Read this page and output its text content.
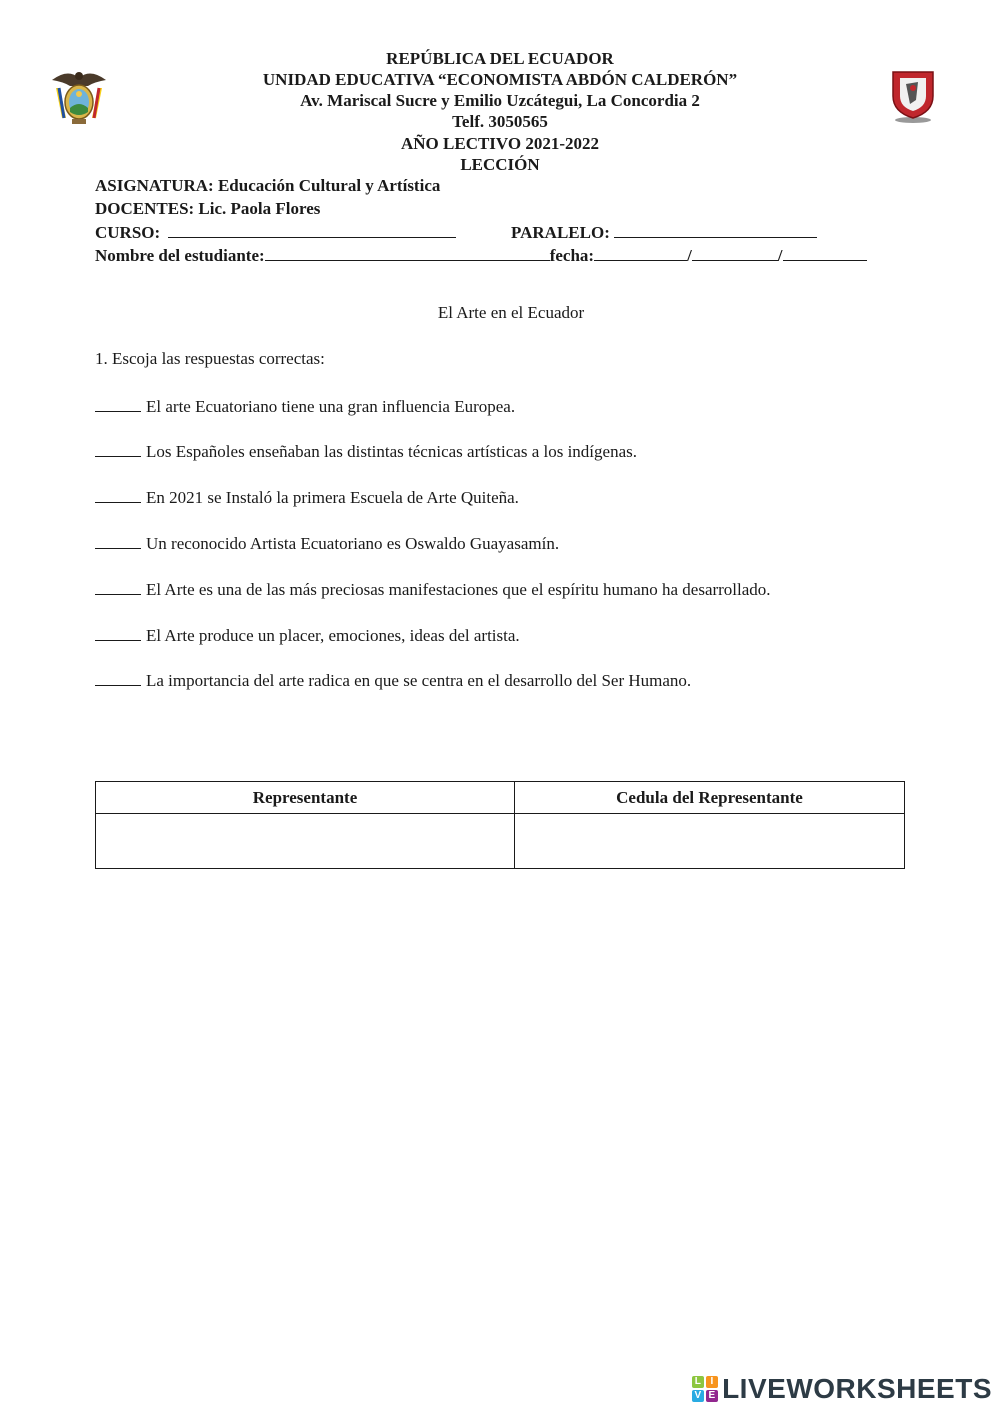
REPÚBLICA DEL ECUADOR

UNIDAD EDUCATIVA “ECONOMISTA ABDÓN CALDERÓN”

Av. Mariscal Sucre y Emilio Uzcátegui, La Concordia 2

Telf. 3050565

AÑO LECTIVO 2021-2022

LECCIÓN

ASIGNATURA: Educación Cultural y Artística
DOCENTES: Lic. Paola Flores
CURSO:	PARALELO:
Nombre del estudiante:	fecha:	/	/
El Arte en el Ecuador
1. Escoja las respuestas correctas:
El arte Ecuatoriano tiene una gran influencia Europea.
Los Españoles enseñaban las distintas técnicas artísticas a los indígenas.
En 2021 se Instaló la primera Escuela de Arte Quiteña.
Un reconocido Artista Ecuatoriano es Oswaldo Guayasamín.
El Arte es una de las más preciosas manifestaciones que el espíritu humano ha desarrollado.
El Arte produce un placer, emociones, ideas del artista.
La importancia del arte radica en que se centra en el desarrollo del Ser Humano.
Representante	Cedula del Representante

L I
V E LIVEWORKSHEETS
